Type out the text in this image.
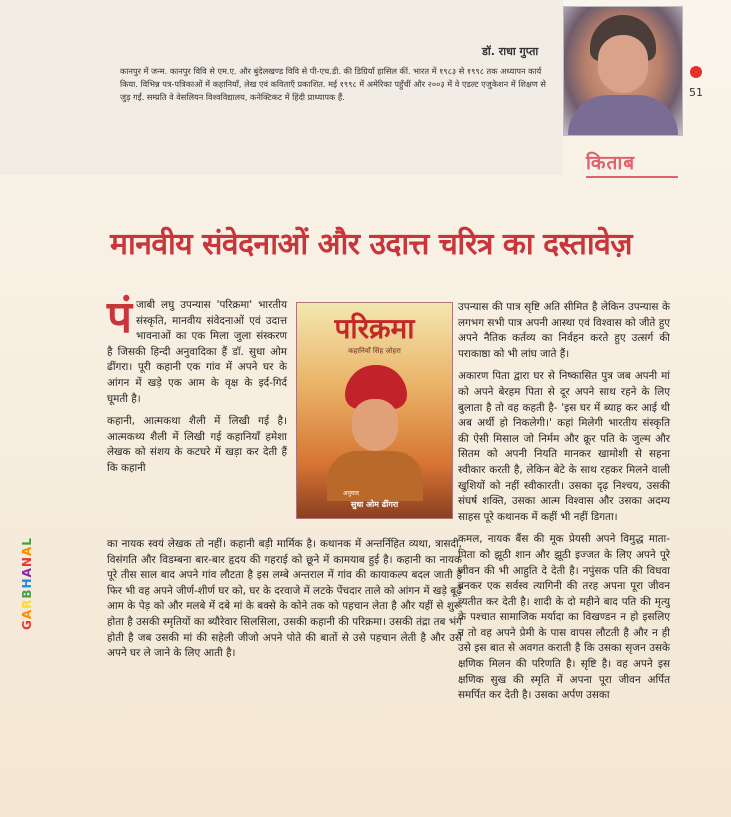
डॉ. राधा गुप्ता
कानपुर में जन्म. कानपुर विवि से एम.ए. और बुंदेलखण्ड विवि से पी-एच.डी. की डिग्रियाँ हासिल कीं. भारत में १९८३ से १९९८ तक अध्यापन कार्य किया. विभिन्न पत्र-पत्रिकाओं में कहानियाँ, लेख एवं कविताएँ प्रकाशित. मई १९९८ में अमेरिका पहुँचीं और २००३ में वे एडल्ट एजुकेशन में शिक्षण से जुड़ गईं. सम्प्रति वे वेसलियन विश्वविद्यालय, कनेक्टिकट में हिंदी प्राध्यापक हैं.	51
किताब
मानवीय संवेदनाओं और उदात्त चरित्र का दस्तावेज़
GARBHANAL

पंजाबी लघु उपन्यास 'परिक्रमा' भारतीय संस्कृति, मानवीय संवेदनाओं एवं उदात्त भावनाओं का एक मिला जुला संस्करण है जिसकी हिन्दी अनुवादिका हैं डॉ. सुधा ओम ढींगरा। पूरी कहानी एक गांव में अपने घर के आंगन में खड़े एक आम के वृक्ष के इर्द-गिर्द घूमती है।

कहानी, आत्मकथा शैली में लिखी गई है। आत्मकथ्य शैली में लिखी गई कहानियाँ हमेशा लेखक को संशय के कटघरे में खड़ा कर देती हैं कि कहानी

परिक्रमा
कहानियाँ सिंह जोहरा
अनुवाद
सुधा ओम ढींगरा

का नायक स्वयं लेखक तो नहीं। कहानी बड़ी मार्मिक है। कथानक में अन्तर्निहित व्यथा, त्रासदी, विसंगति और विडम्बना बार-बार हृदय की गहराई को छूने में कामयाब हुई है। कहानी का नायक पूरे तीस साल बाद अपने गांव लौटता है इस लम्बे अन्तराल में गांव की कायाकल्प बदल जाती है फिर भी वह अपने जीर्ण-शीर्ण घर को, घर के दरवाजे में लटके पेंचदार ताले को आंगन में खड़े बूढ़े आम के पेड़ को और मलबे में दबे मां के बक्से के कोने तक को पहचान लेता है और यहीं से शुरू होता है उसकी स्मृतियों का ब्यौरेवार सिलसिला, उसकी कहानी की परिक्रमा। उसकी तंद्रा तब भंग होती है जब उसकी मां की सहेली जीजो अपने पोते की बातों से उसे पहचान लेती है और उसे अपने घर ले जाने के लिए आती है।

उपन्यास की पात्र सृष्टि अति सीमित है लेकिन उपन्यास के लगभग सभी पात्र अपनी आस्था एवं विश्वास को जीते हुए अपने नैतिक कर्तव्य का निर्वहन करते हुए उत्सर्ग की पराकाष्ठा को भी लांघ जाते हैं।

अकारण पिता द्वारा घर से निष्कासित पुत्र जब अपनी मां को अपने बेरहम पिता से दूर अपने साथ रहने के लिए बुलाता है तो वह कहती है- 'इस घर में ब्याह कर आई थी अब अर्थी हो निकलेगी।' कहां मिलेगी भारतीय संस्कृति की ऐसी मिसाल जो निर्मम और क्रूर पति के जुल्म और सितम को अपनी नियति मानकर खामोशी से सहना स्वीकार करती है, लेकिन बेटे के साथ रहकर मिलने वाली खुशियों को नहीं स्वीकारती। उसका दृढ़ निश्चय, उसकी संघर्ष शक्ति, उसका आत्म विश्वास और उसका अदम्य साहस पूरे कथानक में कहीं भी नहीं डिगता।

कमल, नायक बैंस की मूक प्रेयसी अपने विमुद्ध माता-पिता को झूठी शान और झूठी इज्जत के लिए अपने पूरे जीवन की भी आहुति दे देती है। नपुंसक पति की विधवा बनकर एक सर्वस्व त्यागिनी की तरह अपना पूरा जीवन व्यतीत कर देती है। शादी के दो महीने बाद पति की मृत्यु के पश्चात सामाजिक मर्यादा का विखण्डन न हो इसलिए न तो वह अपने प्रेमी के पास वापस लौटती है और न ही उसे इस बात से अवगत कराती है कि उसका सृजन उसके क्षणिक मिलन की परिणति है। सृष्टि है। वह अपने इस क्षणिक सुख की स्मृति में अपना पूरा जीवन अर्पित समर्पित कर देती है। उसका अर्पण उसका
